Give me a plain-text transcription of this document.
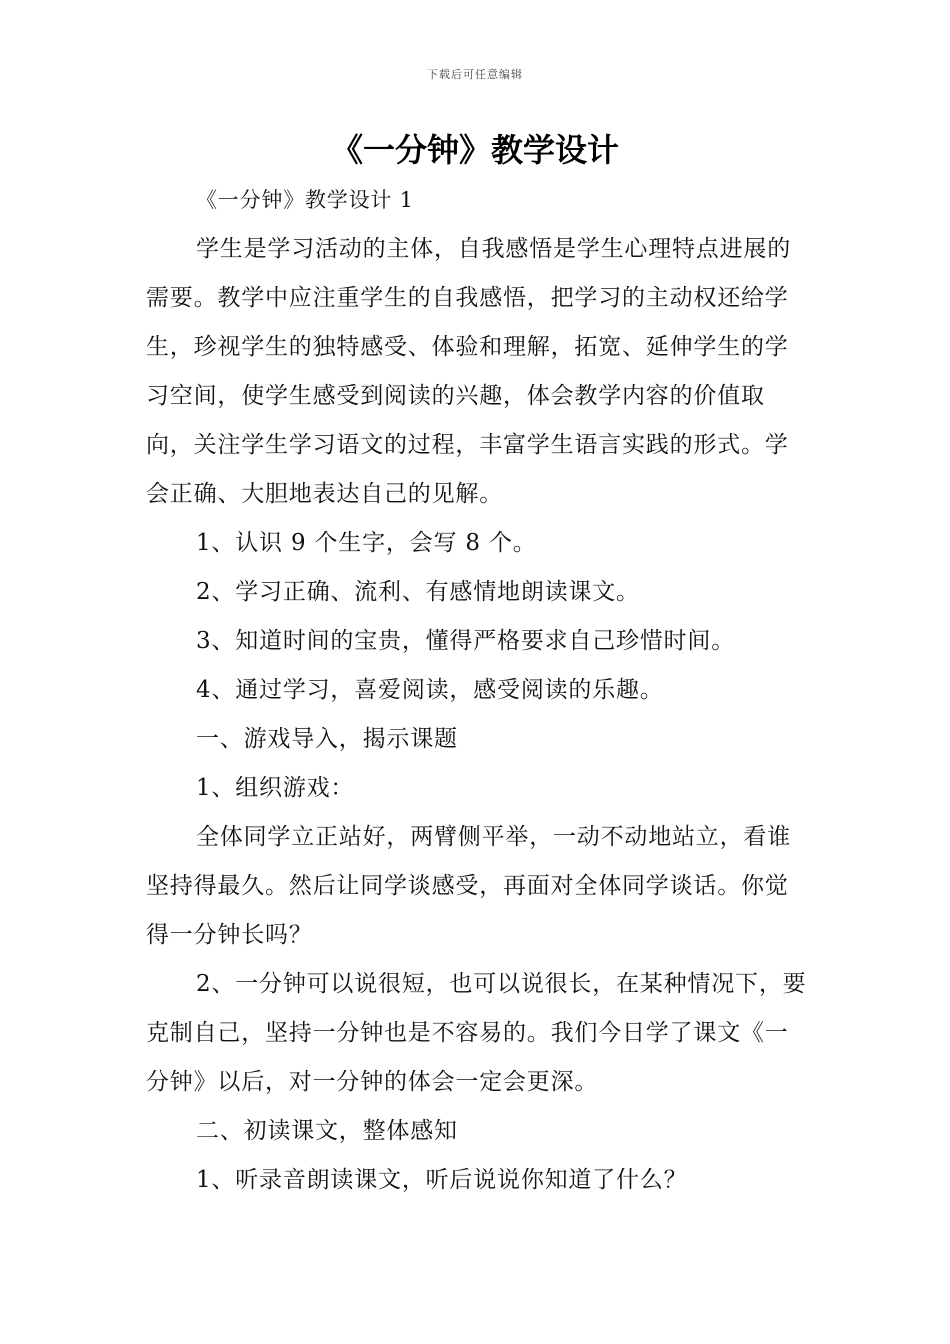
下载后可任意编辑
《一分钟》教学设计

《一分钟》教学设计 1

学生是学习活动的主体，自我感悟是学生心理特点进展的需要。教学中应注重学生的自我感悟，把学习的主动权还给学生，珍视学生的独特感受、体验和理解，拓宽、延伸学生的学习空间，使学生感受到阅读的兴趣，体会教学内容的价值取向，关注学生学习语文的过程，丰富学生语言实践的形式。学会正确、大胆地表达自己的见解。

1、认识 9 个生字，会写 8 个。

2、学习正确、流利、有感情地朗读课文。

3、知道时间的宝贵，懂得严格要求自己珍惜时间。

4、通过学习，喜爱阅读，感受阅读的乐趣。

一、游戏导入，揭示课题

1、组织游戏：

全体同学立正站好，两臂侧平举，一动不动地站立，看谁坚持得最久。然后让同学谈感受，再面对全体同学谈话。你觉得一分钟长吗？

2、一分钟可以说很短，也可以说很长，在某种情况下，要克制自己，坚持一分钟也是不容易的。我们今日学了课文《一分钟》以后，对一分钟的体会一定会更深。

二、初读课文，整体感知

1、听录音朗读课文，听后说说你知道了什么？
